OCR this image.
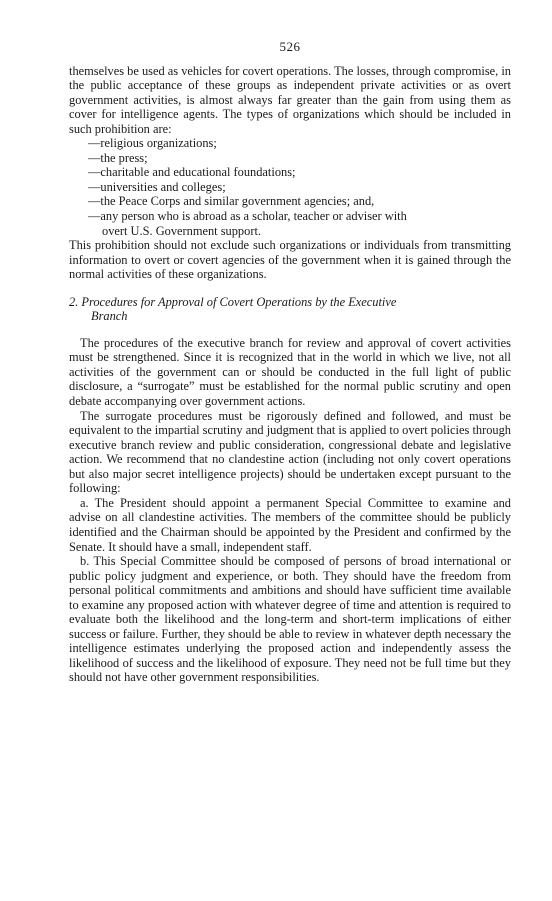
526

themselves be used as vehicles for covert operations. The losses, through compromise, in the public acceptance of these groups as independent private activities or as overt government activities, is almost always far greater than the gain from using them as cover for intelligence agents. The types of organizations which should be included in such prohibition are:

—religious organizations;
—the press;
—charitable and educational foundations;
—universities and colleges;
—the Peace Corps and similar government agencies; and,
—any person who is abroad as a scholar, teacher or adviser with
overt U.S. Government support.

This prohibition should not exclude such organizations or individuals from transmitting information to overt or covert agencies of the government when it is gained through the normal activities of these organizations.

2. Procedures for Approval of Covert Operations by the Executive
Branch

The procedures of the executive branch for review and approval of covert activities must be strengthened. Since it is recognized that in the world in which we live, not all activities of the government can or should be conducted in the full light of public disclosure, a “surrogate” must be established for the normal public scrutiny and open debate accompanying over government actions.

The surrogate procedures must be rigorously defined and followed, and must be equivalent to the impartial scrutiny and judgment that is applied to overt policies through executive branch review and public consideration, congressional debate and legislative action. We recommend that no clandestine action (including not only covert operations but also major secret intelligence projects) should be undertaken except pursuant to the following:

a. The President should appoint a permanent Special Committee to examine and advise on all clandestine activities. The members of the committee should be publicly identified and the Chairman should be appointed by the President and confirmed by the Senate. It should have a small, independent staff.

b. This Special Committee should be composed of persons of broad international or public policy judgment and experience, or both. They should have the freedom from personal political commitments and ambitions and should have sufficient time available to examine any proposed action with whatever degree of time and attention is required to evaluate both the likelihood and the long-term and short-term implications of either success or failure. Further, they should be able to review in whatever depth necessary the intelligence estimates underlying the proposed action and independently assess the likelihood of success and the likelihood of exposure. They need not be full time but they should not have other government responsibilities.
